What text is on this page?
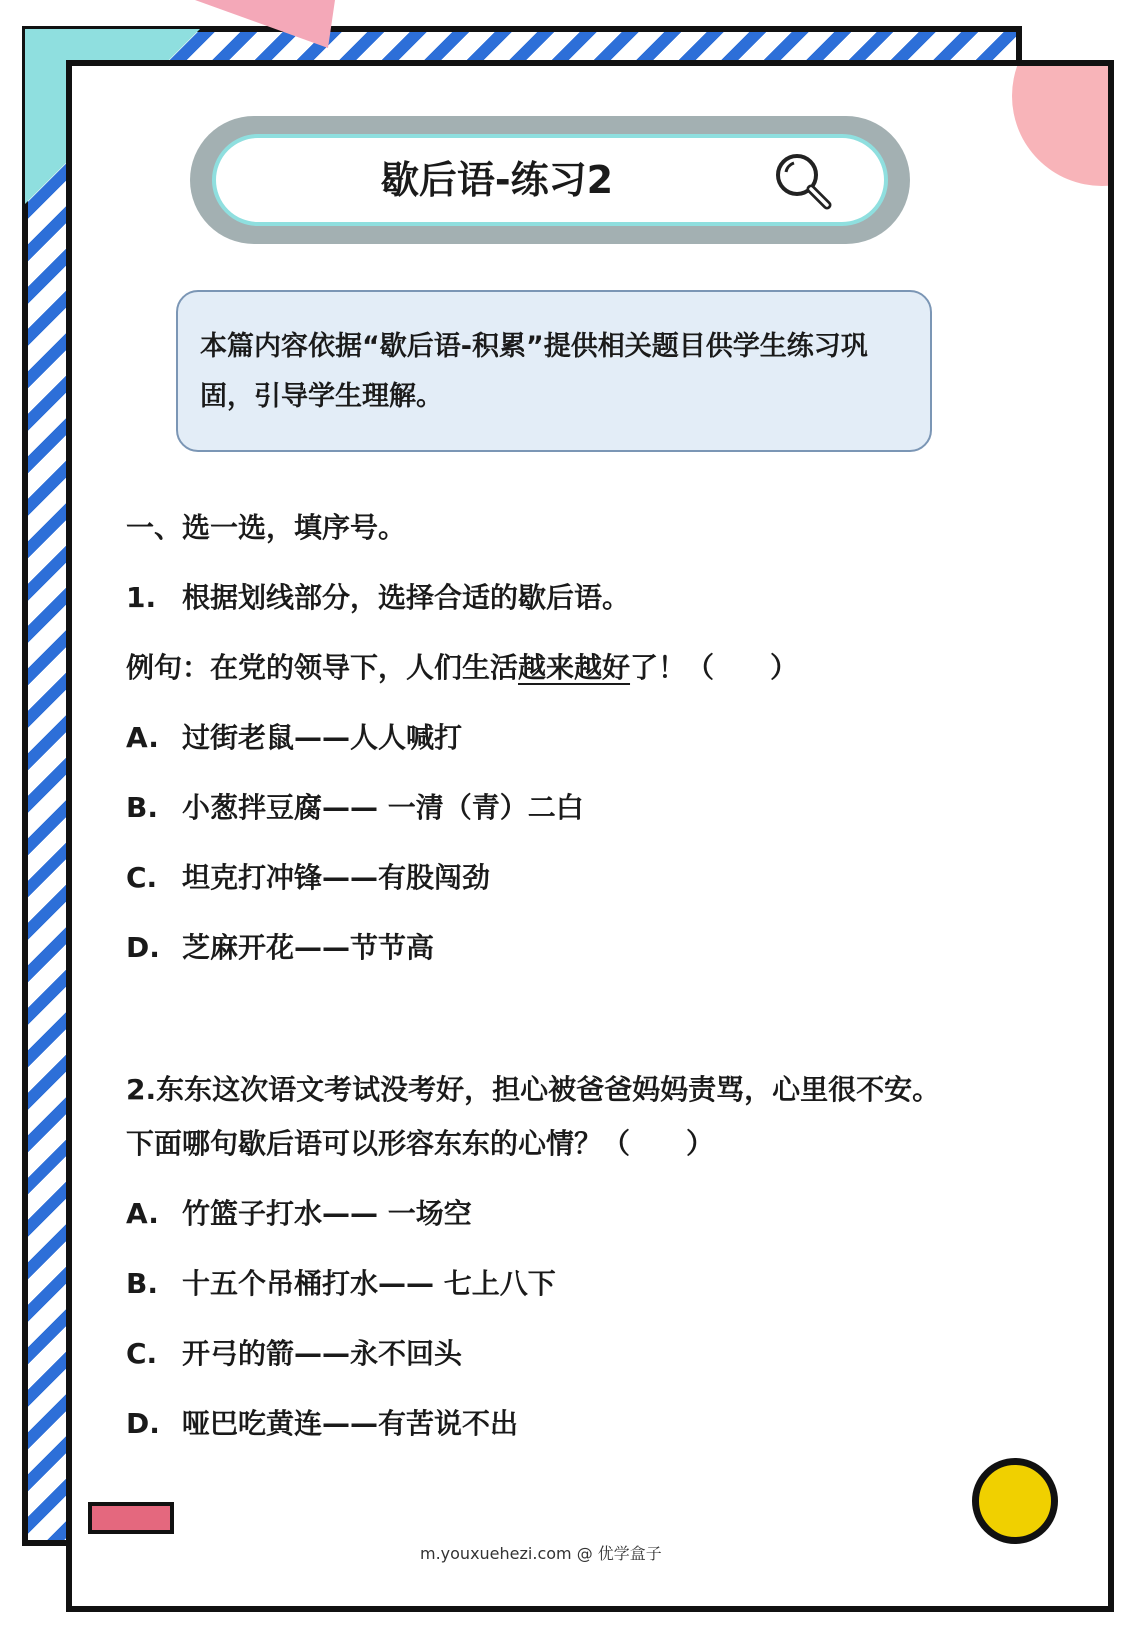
歇后语-练习2
本篇内容依据“歇后语-积累”提供相关题目供学生练习巩固，引导学生理解。
一、选一选，填序号。
1. 根据划线部分，选择合适的歇后语。
例句：在党的领导下，人们生活越来越好了！（　　）
A. 过街老鼠——人人喊打
B. 小葱拌豆腐—— 一清（青）二白
C. 坦克打冲锋——有股闯劲
D. 芝麻开花——节节高
2.东东这次语文考试没考好，担心被爸爸妈妈责骂，心里很不安。
下面哪句歇后语可以形容东东的心情？（　　）
A. 竹篮子打水—— 一场空
B. 十五个吊桶打水—— 七上八下
C. 开弓的箭——永不回头
D. 哑巴吃黄连——有苦说不出
m.youxuehezi.com @ 优学盒子
